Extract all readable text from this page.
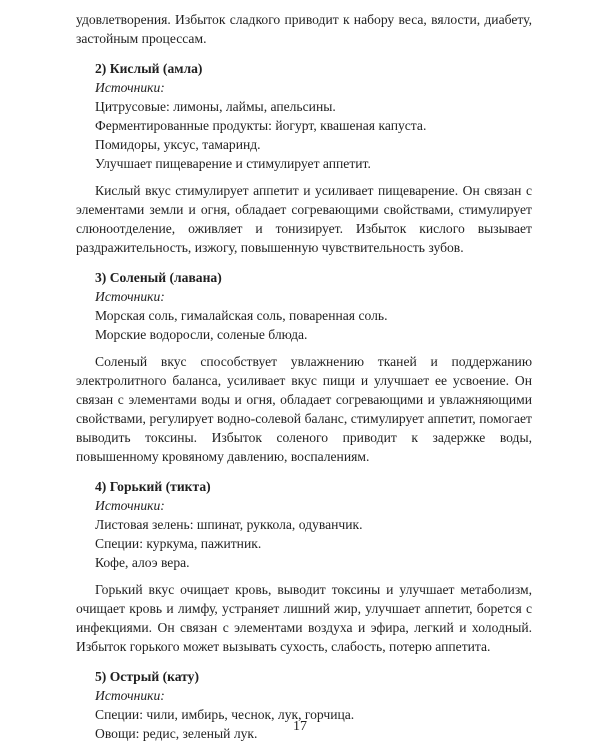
удовлетворения. Избыток сладкого приводит к набору веса, вялости, диабету, застойным процессам.

2) Кислый (амла)

Источники:

Цитрусовые: лимоны, лаймы, апельсины.

Ферментированные продукты: йогурт, квашеная капуста.

Помидоры, уксус, тамаринд.

Улучшает пищеварение и стимулирует аппетит.

Кислый вкус стимулирует аппетит и усиливает пищеварение. Он связан с элементами земли и огня, обладает согревающими свойствами, стимулирует слюноотделение, оживляет и тонизирует. Избыток кислого вызывает раздражительность, изжогу, повышенную чувствительность зубов.

3) Соленый (лавана)

Источники:

Морская соль, гималайская соль, поваренная соль.

Морские водоросли, соленые блюда.

Соленый вкус способствует увлажнению тканей и поддержанию электролитного баланса, усиливает вкус пищи и улучшает ее усвоение. Он связан с элементами воды и огня, обладает согревающими и увлажняющими свойствами, регулирует водно-солевой баланс, стимулирует аппетит, помогает выводить токсины. Избыток соленого приводит к задержке воды, повышенному кровяному давлению, воспалениям.

4) Горький (тикта)

Источники:

Листовая зелень: шпинат, руккола, одуванчик.

Специи: куркума, пажитник.

Кофе, алоэ вера.

Горький вкус очищает кровь, выводит токсины и улучшает метаболизм, очищает кровь и лимфу, устраняет лишний жир, улучшает аппетит, борется с инфекциями. Он связан с элементами воздуха и эфира, легкий и холодный. Избыток горького может вызывать сухость, слабость, потерю аппетита.

5) Острый (кату)

Источники:

Специи: чили, имбирь, чеснок, лук, горчица.

Овощи: редис, зеленый лук.	17
